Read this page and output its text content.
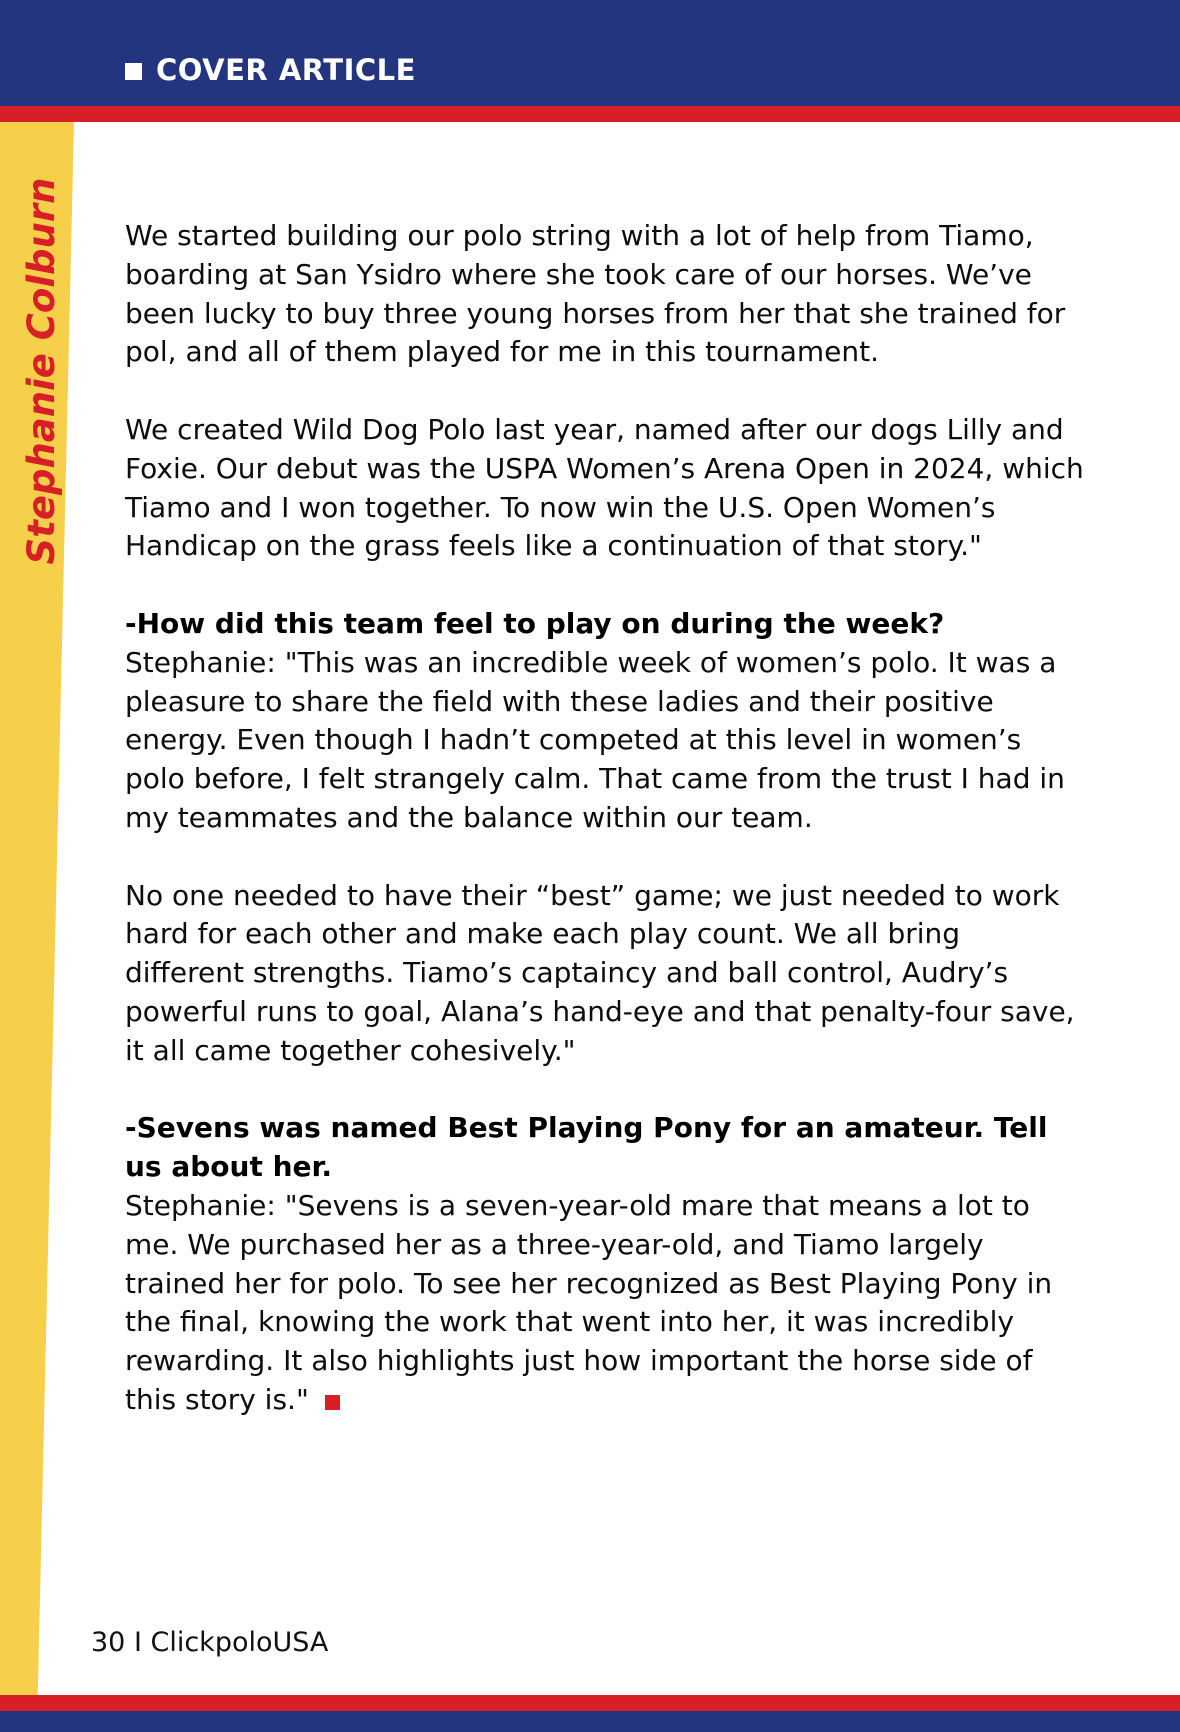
COVER ARTICLE
Stephanie Colburn We started building our polo string with a lot of help from Tiamo, boarding at San Ysidro where she took care of our horses. We’ve been lucky to buy three young horses from her that she trained for pol, and all of them played for me in this tournament.

We created Wild Dog Polo last year, named after our dogs Lilly and Foxie. Our debut was the USPA Women’s Arena Open in 2024, which Tiamo and I won together. To now win the U.S. Open Women’s Handicap on the grass feels like a continuation of that story."

-How did this team feel to play on during the week?

Stephanie: "This was an incredible week of women’s polo. It was a pleasure to share the field with these ladies and their positive energy. Even though I hadn’t competed at this level in women’s polo before, I felt strangely calm. That came from the trust I had in my teammates and the balance within our team.

No one needed to have their “best” game; we just needed to work hard for each other and make each play count. We all bring different strengths. Tiamo’s captaincy and ball control, Audry’s powerful runs to goal, Alana’s hand-eye and that penalty-four save, it all came together cohesively."

-Sevens was named Best Playing Pony for an amateur. Tell us about her.

Stephanie: "Sevens is a seven-year-old mare that means a lot to me. We purchased her as a three-year-old, and Tiamo largely trained her for polo. To see her recognized as Best Playing Pony in the final, knowing the work that went into her, it was incredibly rewarding. It also highlights just how important the horse side of this story is."

30 I ClickpoloUSA
